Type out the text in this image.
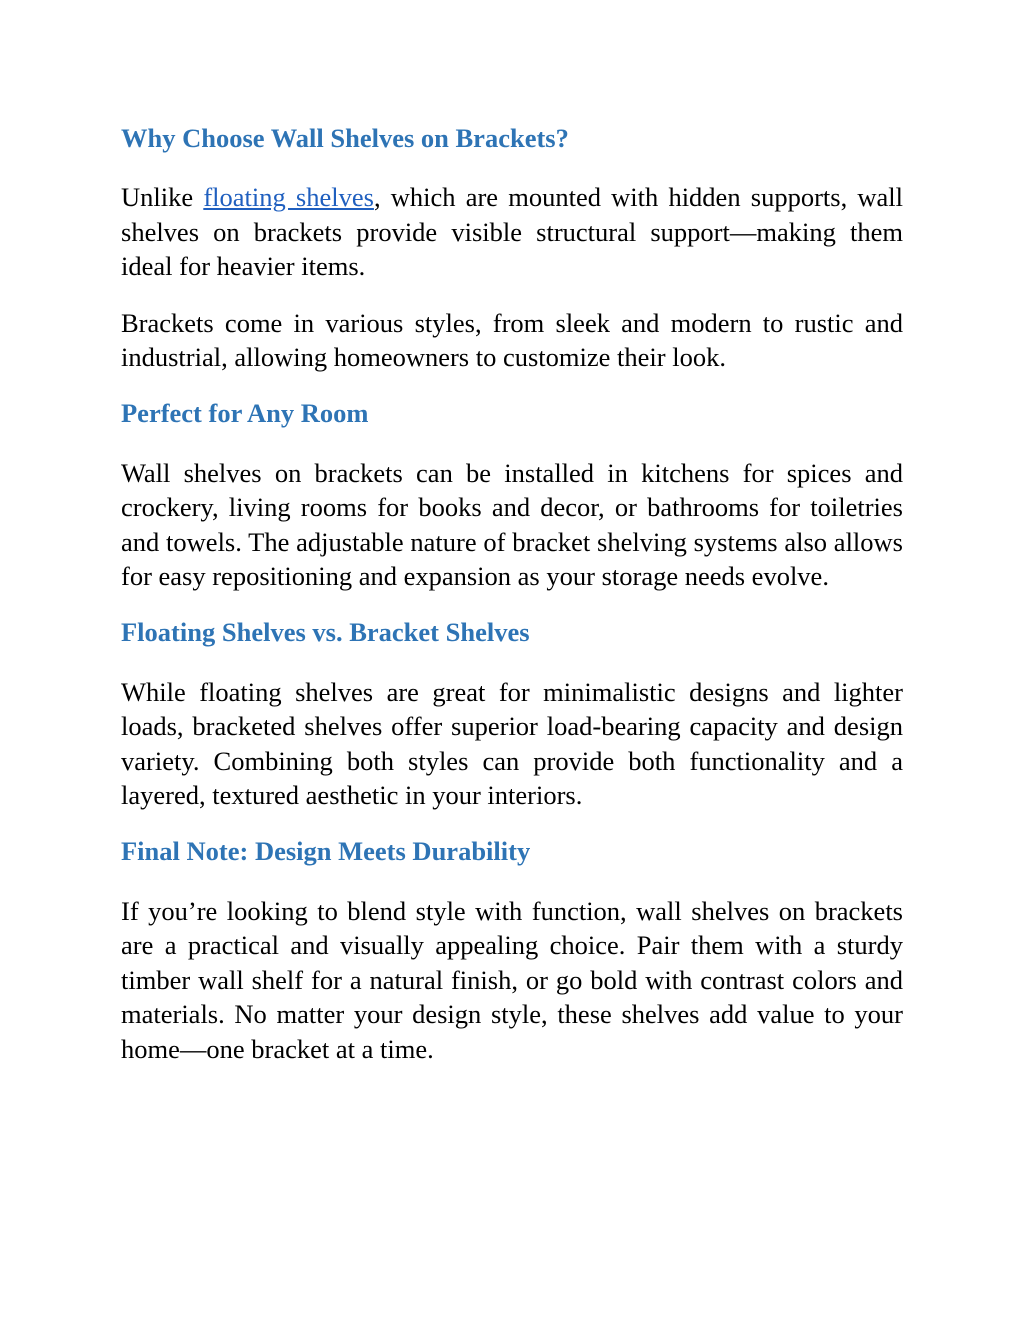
Why Choose Wall Shelves on Brackets?

Unlike floating shelves, which are mounted with hidden supports, wall shelves on brackets provide visible structural support—making them ideal for heavier items.

Brackets come in various styles, from sleek and modern to rustic and industrial, allowing homeowners to customize their look.

Perfect for Any Room

Wall shelves on brackets can be installed in kitchens for spices and crockery, living rooms for books and decor, or bathrooms for toiletries and towels. The adjustable nature of bracket shelving systems also allows for easy repositioning and expansion as your storage needs evolve.

Floating Shelves vs. Bracket Shelves

While floating shelves are great for minimalistic designs and lighter loads, bracketed shelves offer superior load-bearing capacity and design variety. Combining both styles can provide both functionality and a layered, textured aesthetic in your interiors.

Final Note: Design Meets Durability

If you’re looking to blend style with function, wall shelves on brackets are a practical and visually appealing choice. Pair them with a sturdy timber wall shelf for a natural finish, or go bold with contrast colors and materials. No matter your design style, these shelves add value to your home—one bracket at a time.
